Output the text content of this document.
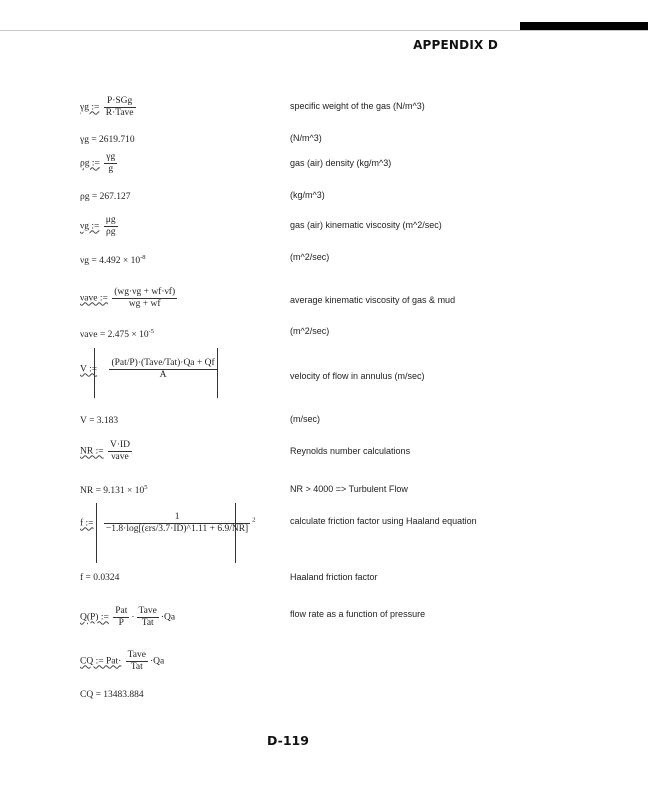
APPENDIX D
γg := $\frac{\text{P·SGg}}{\text{R·Tave}}$	specific weight of the gas (N/m^3)
γg = 2619.710	(N/m^3)
ρg := $\frac{\gamma g}{g}$	gas (air) density (kg/m^3)
ρg = 267.127	(kg/m^3)
νg := $\frac{\mu g}{\rho g}$	gas (air) kinematic viscosity (m^2/sec)
$\nu g = 4.492 \times 10^{-8}$	(m^2/sec)
νave := $\frac{(wg\cdot\nu g + wf\cdot\nu f)}{wg + wf}$	average kinematic viscosity of gas & mud
$\nu ave = 2.475 \times 10^{-5}$	(m^2/sec)
V := $\frac{\text{(Pat/P)·(Tave/Tat)·Qa + Qf}}{A}$	velocity of flow in annulus (m/sec)
V = 3.183	(m/sec)
NR := $\frac{V\cdot ID}{\text{νave}}$	Reynolds number calculations
NR = $9.131 \times 10^5$	NR > 4000 => Turbulent Flow
f := $\frac{1}{\text{−1.8·log[(εrs/3.7·ID)\textasciicircum{}1.11 + 6.9/NR]}} ^2$	calculate friction factor using Haaland equation
f = 0.0324	Haaland friction factor
Q(P) := $\frac{\text{Pat}}{P} \cdot \frac{\text{Tave}}{\text{Tat}} \cdot Qa$	flow rate as a function of pressure
CQ := $Pat\cdot \frac{\text{Tave}}{\text{Tat}} \cdot Qa$
CQ = 13483.884
D-119
